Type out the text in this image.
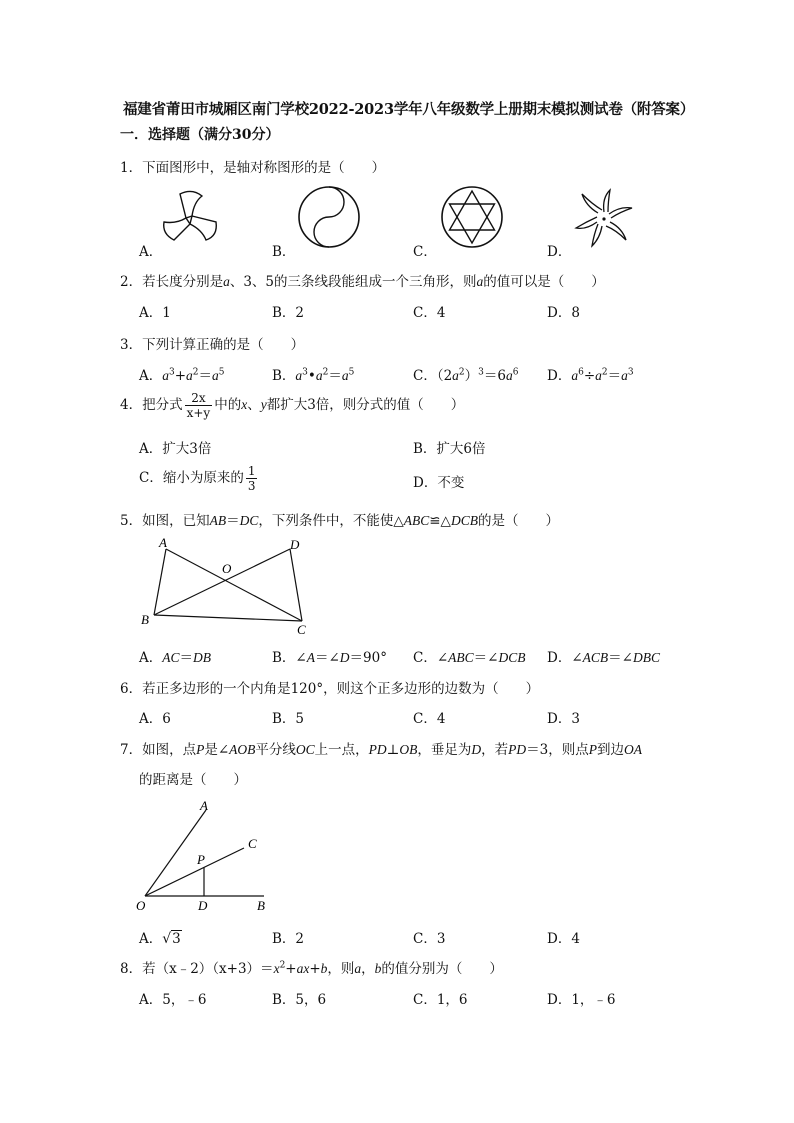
福建省莆田市城厢区南门学校2022-2023学年八年级数学上册期末模拟测试卷（附答案）
一．选择题（满分30分）
1．下面图形中，是轴对称图形的是（　　）
A．	B．	C．	D．
2．若长度分别是a、3、5的三条线段能组成一个三角形，则a的值可以是（　　）
A．1	B．2	C．4	D．8
3．下列计算正确的是（　　）
A．$a^3+a^2=a^5$	B．$a^3•a^2=a^5$	C．$(2a^2)^3=6a^6$ D．$a^6\div a^2=a^3$
4．把分式 $\frac{2x}{x+y}$ 中的x、y都扩大3倍，则分式的值（　　）
A．扩大3倍	B．扩大6倍
C．缩小为原来的 $\frac{1}{3}$	D．不变
5．如图，已知AB＝DC，下列条件中，不能使△ABC≌△DCB的是（　　）
A	D
O
B
C
A．AC＝DB	B．∠A＝∠D＝90° C．∠ABC＝∠DCB D．∠ACB＝∠DBC
6．若正多边形的一个内角是120°，则这个正多边形的边数为（　　）
A．6	B．5	C．4	D．3
7．如图，点P是∠AOB平分线OC上一点，PD⊥OB，垂足为D，若PD＝3，则点P到边OA
的距离是（　　）
A
C
P
O	D	B
A．√3	B．2	C．3	D．4
8．若$(x﹣2)(x+3)=x^2+ax+b$，则a，b的值分别为（　　）
A．5，﹣6	B．5，6	C．1，6	D．1，﹣6
